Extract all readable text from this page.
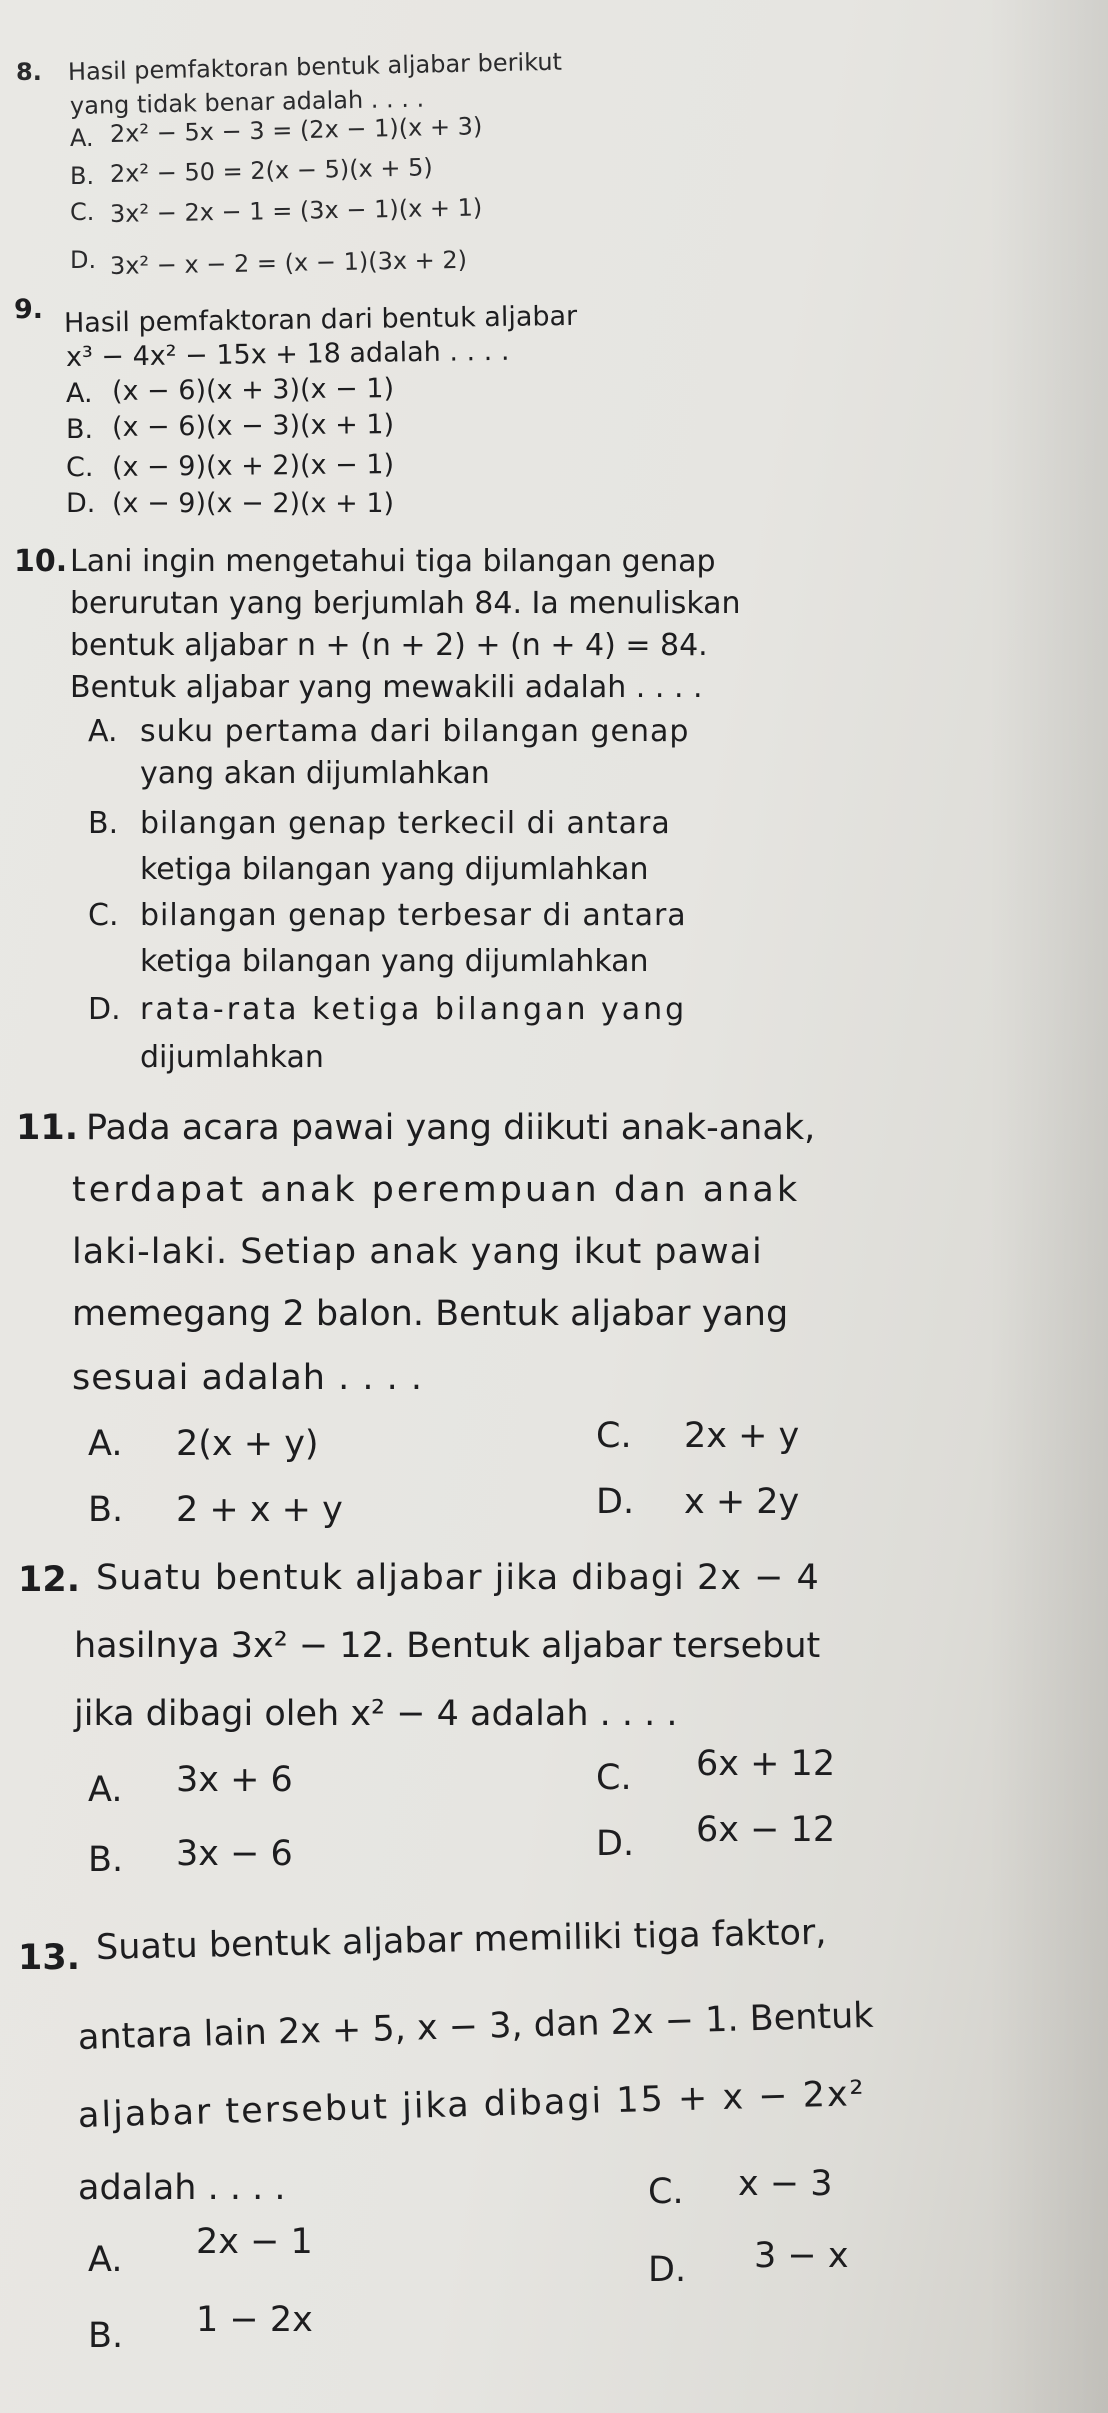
8. Hasil pemfaktoran bentuk aljabar berikut
yang tidak benar adalah . . . .
A. 2x² − 5x − 3 = (2x − 1)(x + 3)
B. 2x² − 50 = 2(x − 5)(x + 5)
C. 3x² − 2x − 1 = (3x − 1)(x + 1)
D. 3x² − x − 2 = (x − 1)(3x + 2)
9. Hasil pemfaktoran dari bentuk aljabar
x³ − 4x² − 15x + 18 adalah . . . .
A. (x − 6)(x + 3)(x − 1)
B. (x − 6)(x − 3)(x + 1)
C. (x − 9)(x + 2)(x − 1)
D. (x − 9)(x − 2)(x + 1)
10. Lani ingin mengetahui tiga bilangan genap
berurutan yang berjumlah 84. Ia menuliskan
bentuk aljabar n + (n + 2) + (n + 4) = 84.
Bentuk aljabar yang mewakili adalah . . . .
A. suku pertama dari bilangan genap
yang akan dijumlahkan
B. bilangan genap terkecil di antara
ketiga bilangan yang dijumlahkan
C. bilangan genap terbesar di antara
ketiga bilangan yang dijumlahkan
D. rata-rata ketiga bilangan yang
dijumlahkan
11. Pada acara pawai yang diikuti anak-anak,
terdapat anak perempuan dan anak
laki-laki. Setiap anak yang ikut pawai
memegang 2 balon. Bentuk aljabar yang
sesuai adalah . . . .
A. 2(x + y)
B. 2 + x + y
C. 2x + y
D. x + 2y
12. Suatu bentuk aljabar jika dibagi 2x − 4
hasilnya 3x² − 12. Bentuk aljabar tersebut
jika dibagi oleh x² − 4 adalah . . . .
A. 3x + 6
B. 3x − 6
C. 6x + 12
D. 6x − 12
13. Suatu bentuk aljabar memiliki tiga faktor,
antara lain 2x + 5, x − 3, dan 2x − 1. Bentuk
aljabar tersebut jika dibagi 15 + x − 2x²
adalah . . . .
A. 2x − 1
B. 1 − 2x
C. x − 3
D. 3 − x
